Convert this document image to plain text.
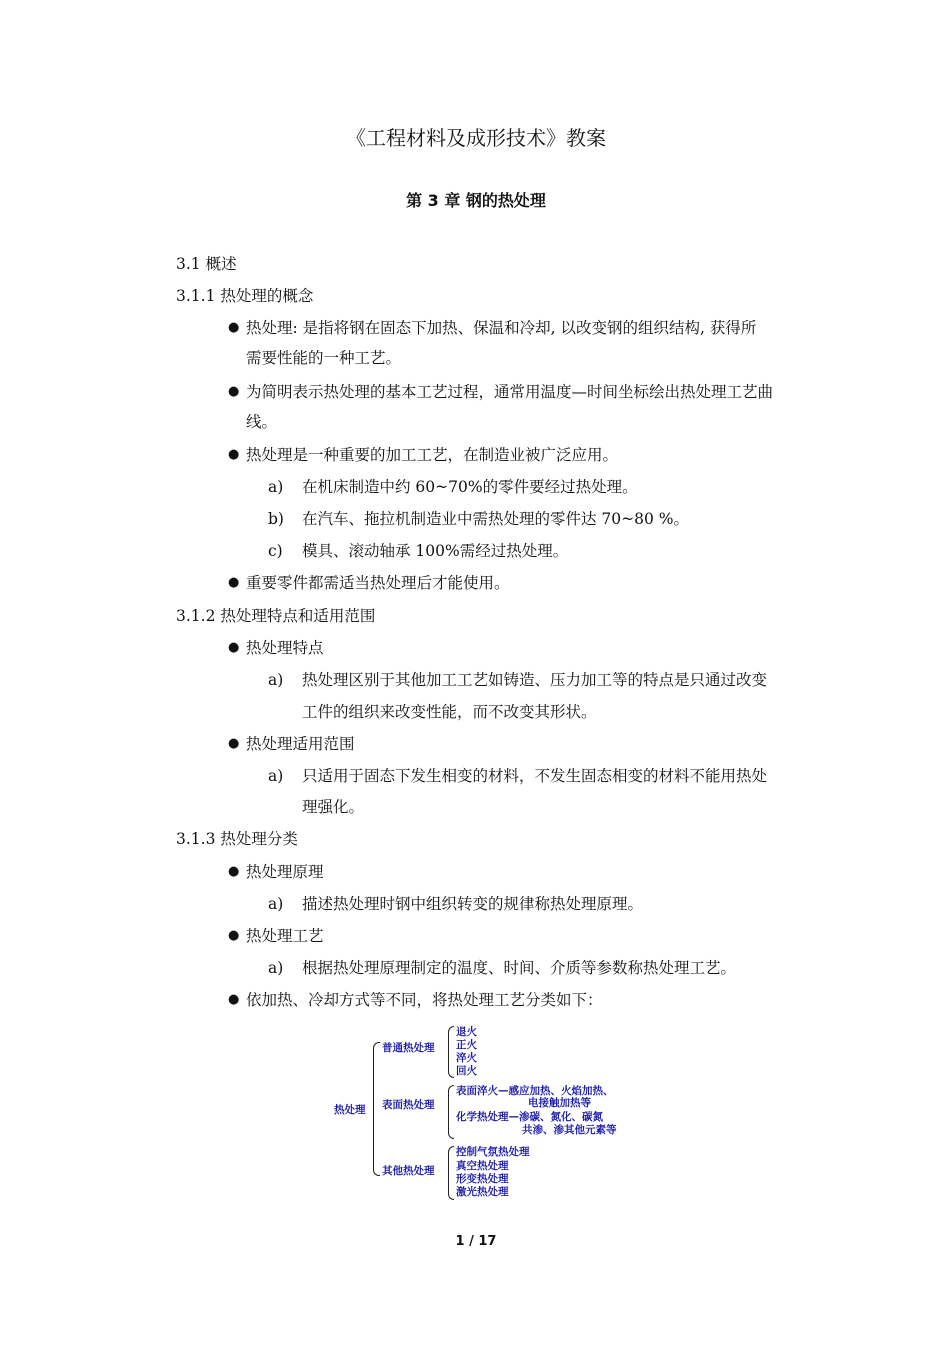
《工程材料及成形技术》教案
第 3 章 钢的热处理
3.1 概述
3.1.1 热处理的概念
● 热处理: 是指将钢在固态下加热、保温和冷却, 以改变钢的组织结构, 获得所
需要性能的一种工艺。
● 为简明表示热处理的基本工艺过程，通常用温度—时间坐标绘出热处理工艺曲
线。
● 热处理是一种重要的加工工艺，在制造业被广泛应用。
a) 在机床制造中约 60~70%的零件要经过热处理。
b) 在汽车、拖拉机制造业中需热处理的零件达 70~80 %。
c) 模具、滚动轴承 100%需经过热处理。
● 重要零件都需适当热处理后才能使用。
3.1.2 热处理特点和适用范围
● 热处理特点
a) 热处理区别于其他加工工艺如铸造、压力加工等的特点是只通过改变
工件的组织来改变性能，而不改变其形状。
● 热处理适用范围
a) 只适用于固态下发生相变的材料，不发生固态相变的材料不能用热处
理强化。
3.1.3 热处理分类
● 热处理原理
a) 描述热处理时钢中组织转变的规律称热处理原理。
● 热处理工艺
a) 根据热处理原理制定的温度、时间、介质等参数称热处理工艺。
● 依加热、冷却方式等不同，将热处理工艺分类如下：
热处理
普通热处理
退火
正火
淬火
回火
表面热处理
表面淬火—感应加热、火焰加热、
电接触加热等
化学热处理—渗碳、氮化、碳氮
共渗、渗其他元素等
其他热处理
控制气氛热处理
真空热处理
形变热处理
激光热处理
1 / 17
